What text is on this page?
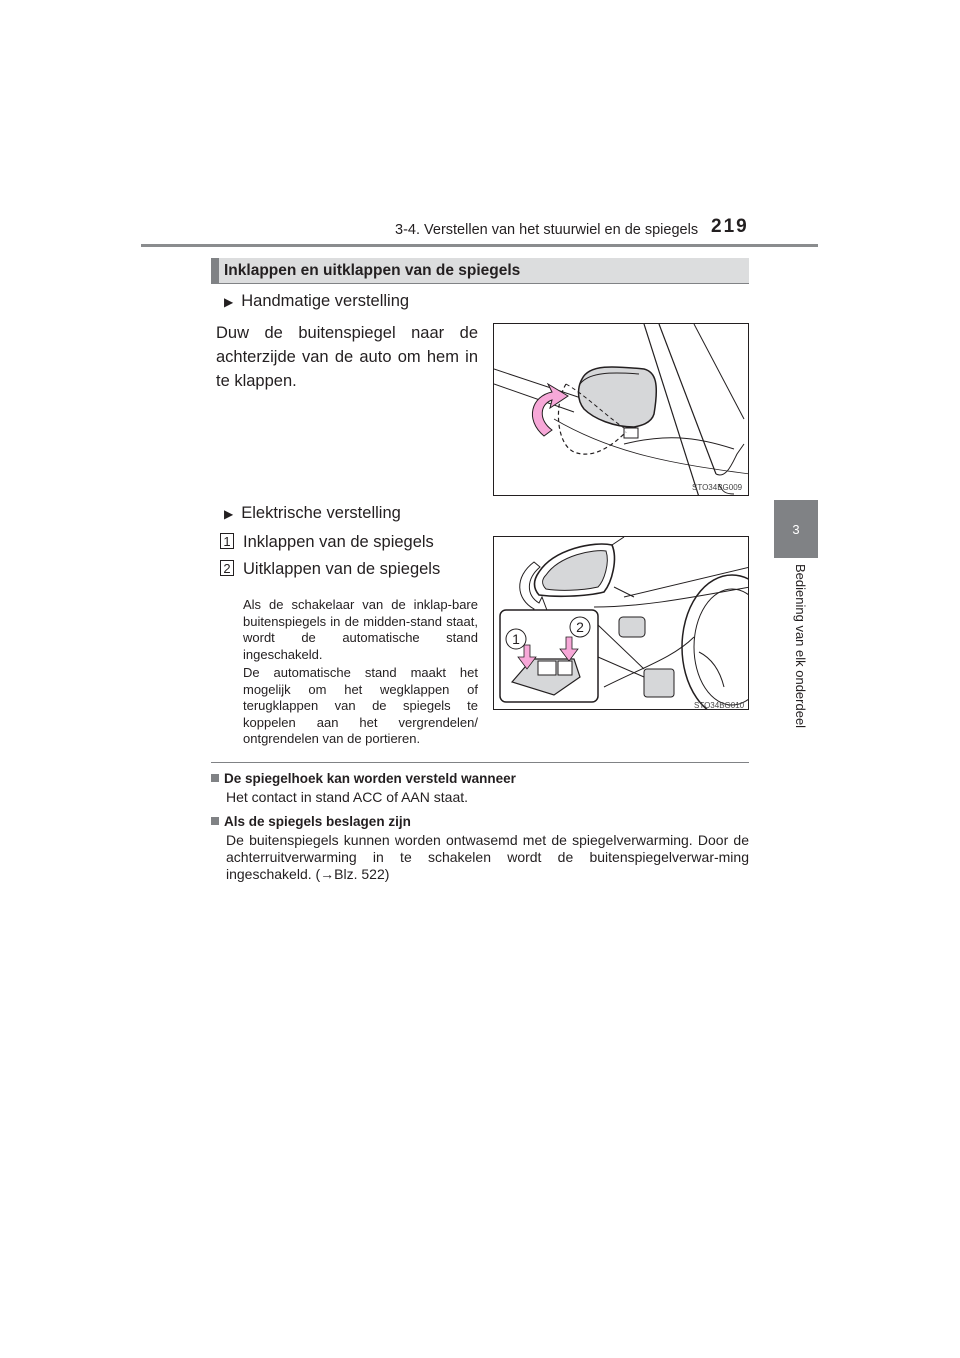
3-4. Verstellen van het stuurwiel en de spiegels 219
3
Bediening van elk onderdeel
Inklappen en uitklappen van de spiegels
▶ Handmatige verstelling
Duw de buitenspiegel naar de achterzijde van de auto om hem in te klappen.
STO34BG009
▶ Elektrische verstelling
1 Inklappen van de spiegels
2 Uitklappen van de spiegels
Als de schakelaar van de inklap-bare buitenspiegels in de midden-stand staat, wordt de automatische stand ingeschakeld.
De automatische stand maakt het mogelijk om het wegklappen of terugklappen van de spiegels te koppelen aan het vergrendelen/ ontgrendelen van de portieren.
1
2
STO34BG010
De spiegelhoek kan worden versteld wanneer
Het contact in stand ACC of AAN staat.
Als de spiegels beslagen zijn
De buitenspiegels kunnen worden ontwasemd met de spiegelverwarming. Door de achterruitverwarming in te schakelen wordt de buitenspiegelverwar-ming ingeschakeld. (→Blz. 522)
